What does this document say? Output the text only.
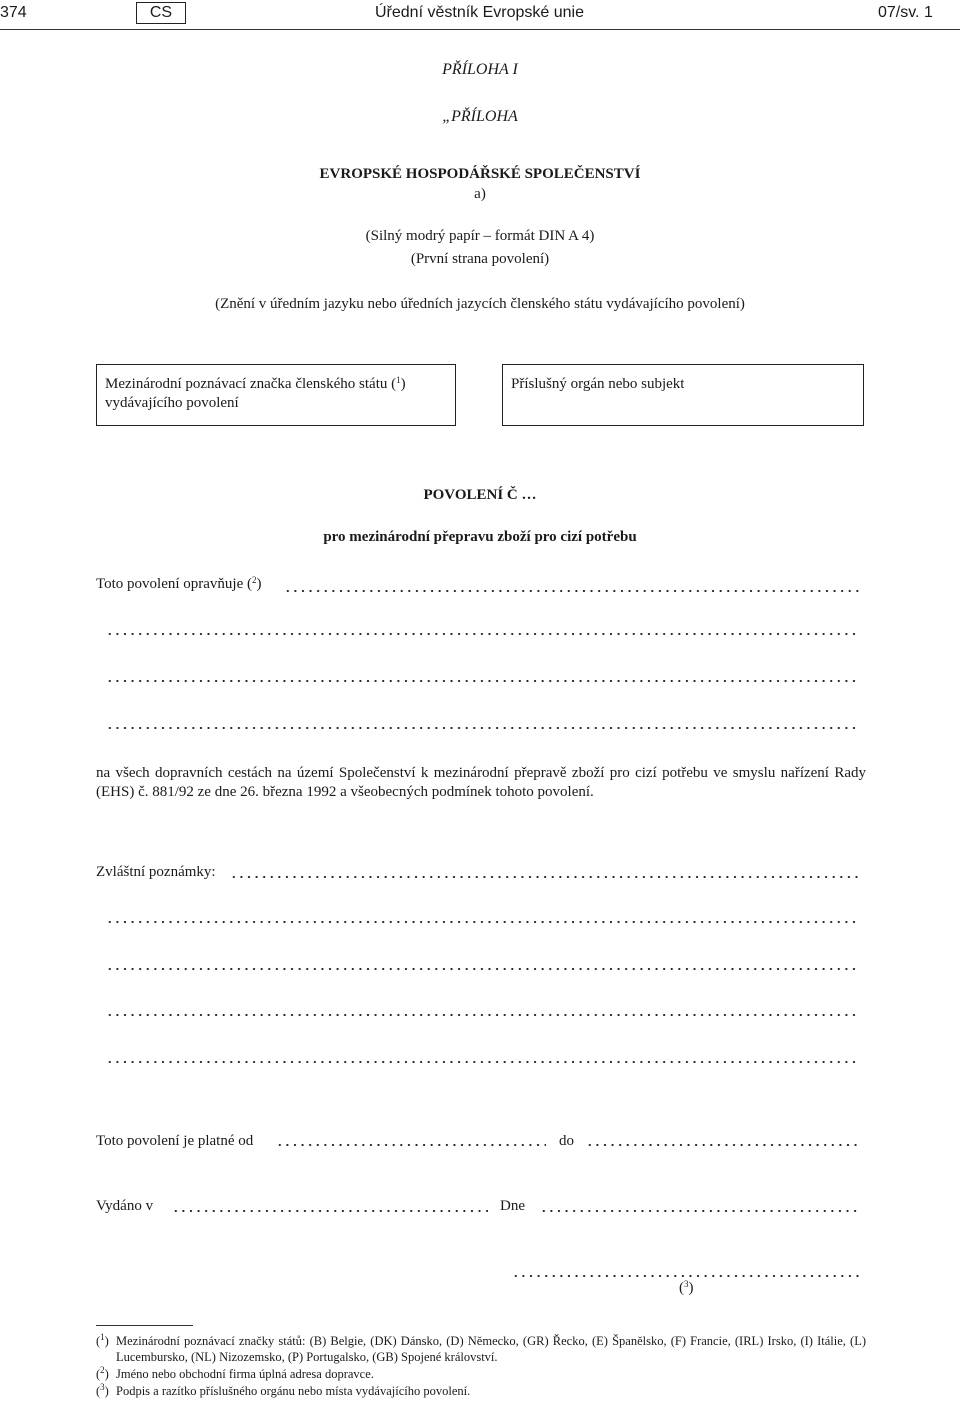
374	CS	Úřední věstník Evropské unie	07/sv. 1
PŘÍLOHA I
„PŘÍLOHA
EVROPSKÉ HOSPODÁŘSKÉ SPOLEČENSTVÍ
a)
(Silný modrý papír – formát DIN A 4)
(První strana povolení)
(Znění v úředním jazyku nebo úředních jazycích členského státu vydávajícího povolení)
Mezinárodní poznávací značka členského státu ($^1$)
vydávajícího povolení
Příslušný orgán nebo subjekt
POVOLENÍ Č …
pro mezinárodní přepravu zboží pro cizí potřebu
Toto povolení opravňuje ($^2$)
na všech dopravních cestách na území Společenství k mezinárodní přepravě zboží pro cizí potřebu ve smyslu nařízení Rady (EHS) č. 881/92 ze dne 26. března 1992 a všeobecných podmínek tohoto povolení.
Zvláštní poznámky:
Toto povolení je platné od	do
Vydáno v	Dne
($^3$)
($^1$) Mezinárodní poznávací značky států: (B) Belgie, (DK) Dánsko, (D) Německo, (GR) Řecko, (E) Španělsko, (F) Francie, (IRL) Irsko, (I) Itálie, (L) Lucembursko, (NL) Nizozemsko, (P) Portugalsko, (GB) Spojené království.
($^2$) Jméno nebo obchodní firma úplná adresa dopravce.
($^3$) Podpis a razítko příslušného orgánu nebo místa vydávajícího povolení.
